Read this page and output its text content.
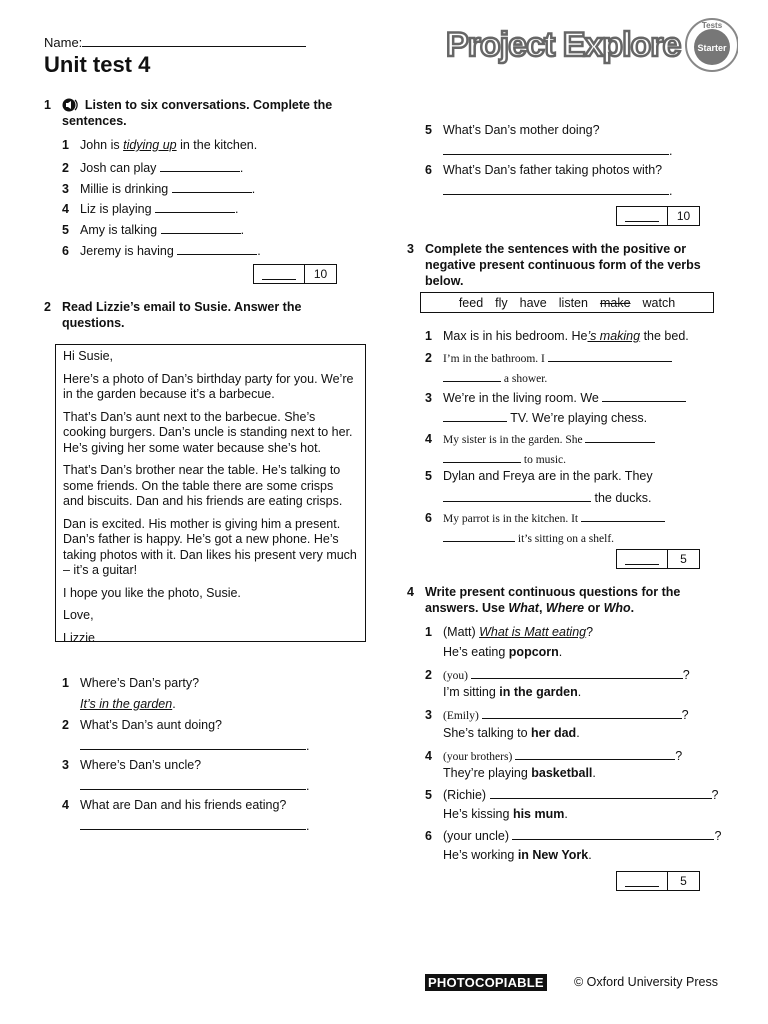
Name:
Unit test 4
Project Explore
Tests
Starter
1	Listen to six conversations. Complete the
sentences.
1 John is tidying up in the kitchen.
2 Josh can play	.
3 Millie is drinking	.
4 Liz is playing	.
5 Amy is talking	.
6 Jeremy is having	.
10
2 Read Lizzie’s email to Susie. Answer the
questions.

Hi Susie,

Here’s a photo of Dan’s birthday party for you. We’re in the garden because it’s a barbecue.

That’s Dan’s aunt next to the barbecue. She’s cooking burgers. Dan’s uncle is standing next to her. He’s giving her some water because she’s hot.

That’s Dan’s brother near the table. He’s talking to some friends. On the table there are some crisps and biscuits. Dan and his friends are eating crisps.

Dan is excited. His mother is giving him a present. Dan’s father is happy. He’s got a new phone. He’s taking photos with it. Dan likes his present very much – it’s a guitar!

I hope you like the photo, Susie.

Love,

Lizzie

1 Where’s Dan’s party?
It’s in the garden.
2 What’s Dan’s aunt doing?
.
3 Where’s Dan’s uncle?
.
4 What are Dan and his friends eating?
.
5 What’s Dan’s mother doing?
.
6 What’s Dan’s father taking photos with?
.
10
3 Complete the sentences with the positive or
negative present continuous form of the verbs
below.
feed fly have listen make watch
1 Max is in his bedroom. He’s making the bed.
2 I’m in the bathroom. I
a shower.
3 We’re in the living room. We
TV. We’re playing chess.
4 My sister is in the garden. She
to music.
5 Dylan and Freya are in the park. They
the ducks.
6 My parrot is in the kitchen. It
it’s sitting on a shelf.
5
4 Write present continuous questions for the
answers. Use What, Where or Who.
1 (Matt) What is Matt eating?
He’s eating popcorn.
2 (you)	?
I’m sitting in the garden.
3 (Emily)	?
She’s talking to her dad.
4 (your brothers)	?
They’re playing basketball.
5 (Richie)	?
He’s kissing his mum.
6 (your uncle)	?
He’s working in New York.
5
PHOTOCOPIABLE © Oxford University Press
